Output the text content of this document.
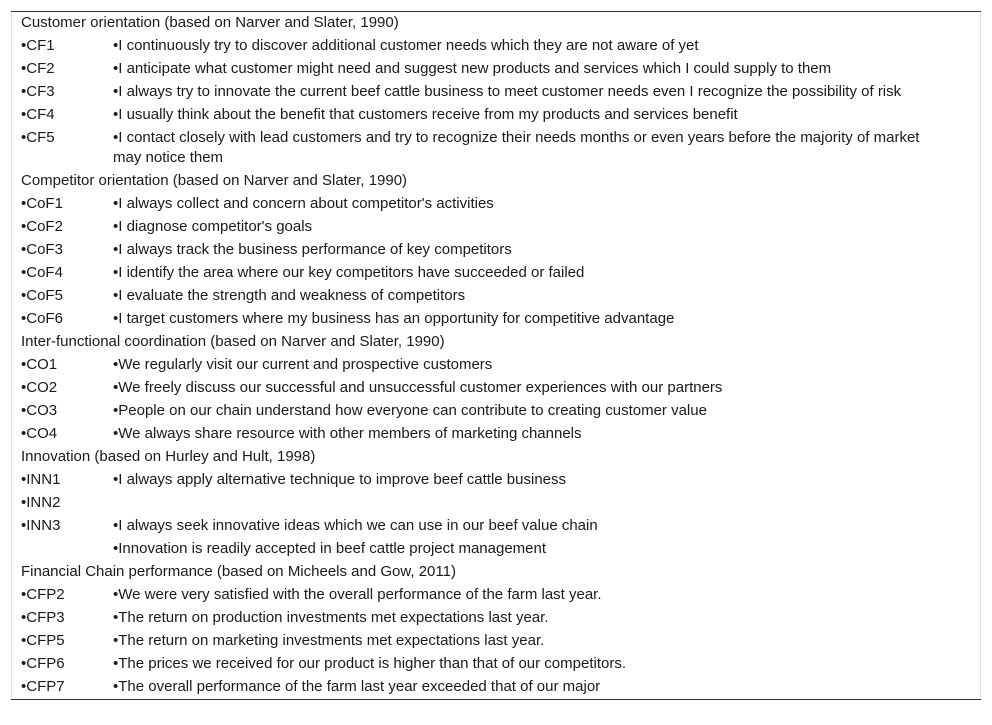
Customer orientation (based on Narver and Slater, 1990)	
•CF1	•I continuously try to discover additional customer needs which they are not aware of yet
•CF2	•I anticipate what customer might need and suggest new products and services which I could supply to them
•CF3	•I always try to innovate the current beef cattle business to meet customer needs even I recognize the possibility of risk
•CF4	•I usually think about the benefit that customers receive from my products and services benefit
•CF5	•I contact closely with lead customers and try to recognize their needs months or even years before the majority of market may notice them
Competitor orientation (based on Narver and Slater, 1990)	
•CoF1	•I always collect and concern about competitor's activities
•CoF2	•I diagnose competitor's goals
•CoF3	•I always track the business performance of key competitors
•CoF4	•I identify the area where our key competitors have succeeded or failed
•CoF5	•I evaluate the strength and weakness of competitors
•CoF6	•I target customers where my business has an opportunity for competitive advantage
Inter-functional coordination (based on Narver and Slater, 1990)	
•CO1	•We regularly visit our current and prospective customers
•CO2	•We freely discuss our successful and unsuccessful customer experiences with our partners
•CO3	•People on our chain understand how everyone can contribute to creating customer value
•CO4	•We always share resource with other members of marketing channels
Innovation (based on Hurley and Hult, 1998)	
•INN1	•I always apply alternative technique to improve beef cattle business
•INN2	
•INN3	•I always seek innovative ideas which we can use in our beef value chain
	•Innovation is readily accepted in beef cattle project management
Financial Chain performance (based on Micheels and Gow, 2011)	
•CFP2	•We were very satisfied with the overall performance of the farm last year.
•CFP3	•The return on production investments met expectations last year.
•CFP5	•The return on marketing investments met expectations last year.
•CFP6	•The prices we received for our product is higher than that of our competitors.
•CFP7	•The overall performance of the farm last year exceeded that of our major
